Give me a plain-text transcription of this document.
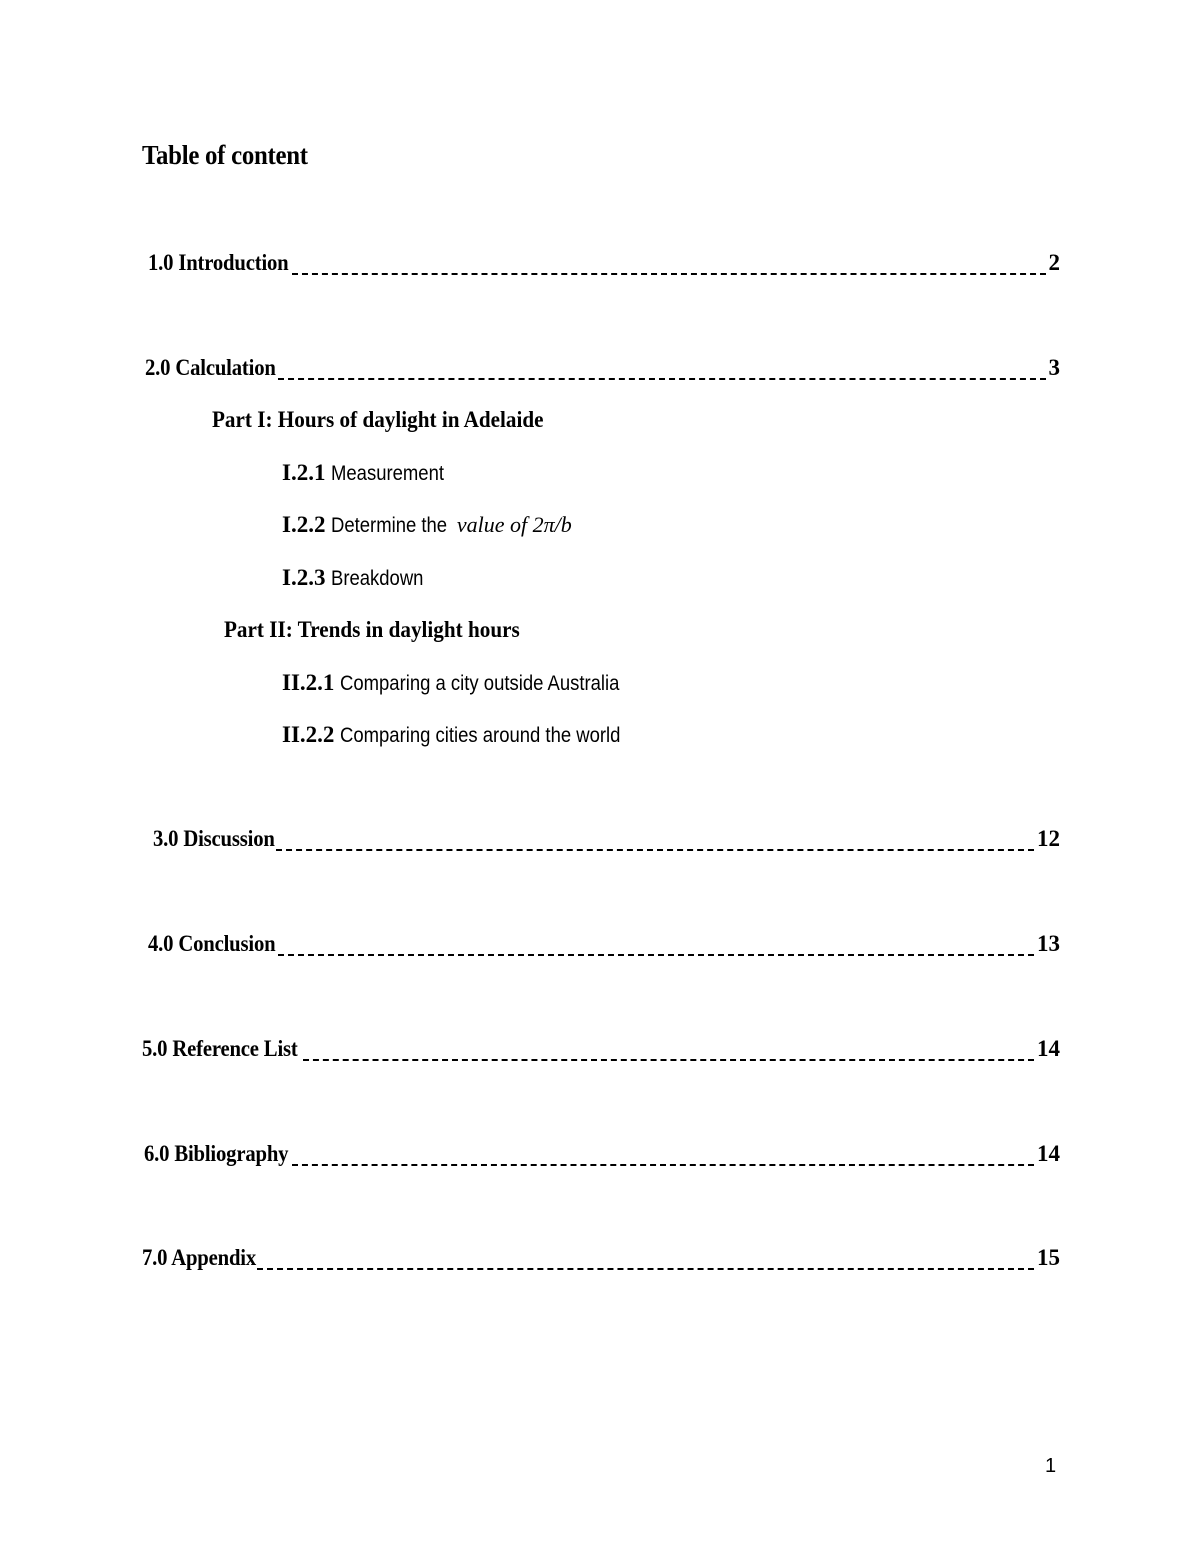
Table of content
1.0 Introduction	2
2.0 Calculation	3
Part I: Hours of daylight in Adelaide
I.2.1 Measurement
I.2.2 Determine the value of 2π/b
I.2.3 Breakdown
Part II: Trends in daylight hours
II.2.1 Comparing a city outside Australia
II.2.2 Comparing cities around the world
3.0 Discussion	12
4.0 Conclusion	13
5.0 Reference List	14
6.0 Bibliography	14
7.0 Appendix	15
1
